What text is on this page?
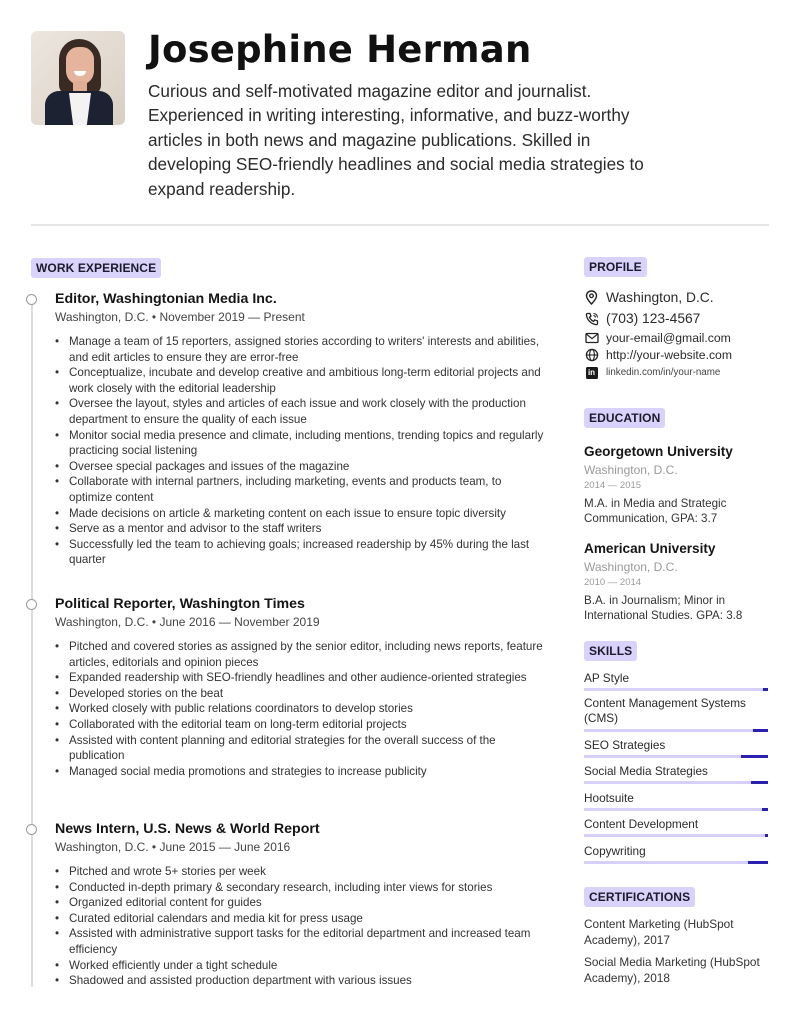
Josephine Herman
Curious and self-motivated magazine editor and journalist.
Experienced in writing interesting, informative, and buzz-worthy
articles in both news and magazine publications. Skilled in
developing SEO-friendly headlines and social media strategies to
expand readership.
WORK EXPERIENCE
Editor, Washingtonian Media Inc.
Washington, D.C. • November 2019 — Present
• Manage a team of 15 reporters, assigned stories according to writers' interests and abilities, and edit articles to ensure they are error-free
• Conceptualize, incubate and develop creative and ambitious long-term editorial projects and work closely with the editorial leadership
• Oversee the layout, styles and articles of each issue and work closely with the production department to ensure the quality of each issue
• Monitor social media presence and climate, including mentions, trending topics and regularly practicing social listening
• Oversee special packages and issues of the magazine
• Collaborate with internal partners, including marketing, events and products team, to optimize content
• Made decisions on article & marketing content on each issue to ensure topic diversity
• Serve as a mentor and advisor to the staff writers
• Successfully led the team to achieving goals; increased readership by 45% during the last quarter
Political Reporter, Washington Times
Washington, D.C. • June 2016 — November 2019
• Pitched and covered stories as assigned by the senior editor, including news reports, feature articles, editorials and opinion pieces
• Expanded readership with SEO-friendly headlines and other audience-oriented strategies
• Developed stories on the beat
• Worked closely with public relations coordinators to develop stories
• Collaborated with the editorial team on long-term editorial projects
• Assisted with content planning and editorial strategies for the overall success of the publication
• Managed social media promotions and strategies to increase publicity
News Intern, U.S. News & World Report
Washington, D.C. • June 2015 — June 2016
• Pitched and wrote 5+ stories per week
• Conducted in-depth primary & secondary research, including inter views for stories
• Organized editorial content for guides
• Curated editorial calendars and media kit for press usage
• Assisted with administrative support tasks for the editorial department and increased team efficiency
• Worked efficiently under a tight schedule
• Shadowed and assisted production department with various issues
PROFILE
Washington, D.C.
(703) 123-4567
your-email@gmail.com
http://your-website.com
in linkedin.com/in/your-name
EDUCATION
Georgetown University
Washington, D.C.
2014 — 2015
M.A. in Media and Strategic Communication, GPA: 3.7
American University
Washington, D.C.
2010 — 2014
B.A. in Journalism; Minor in International Studies. GPA: 3.8
SKILLS
AP Style
Content Management Systems (CMS)
SEO Strategies
Social Media Strategies
Hootsuite
Content Development
Copywriting
CERTIFICATIONS
Content Marketing (HubSpot Academy), 2017
Social Media Marketing (HubSpot Academy), 2018
